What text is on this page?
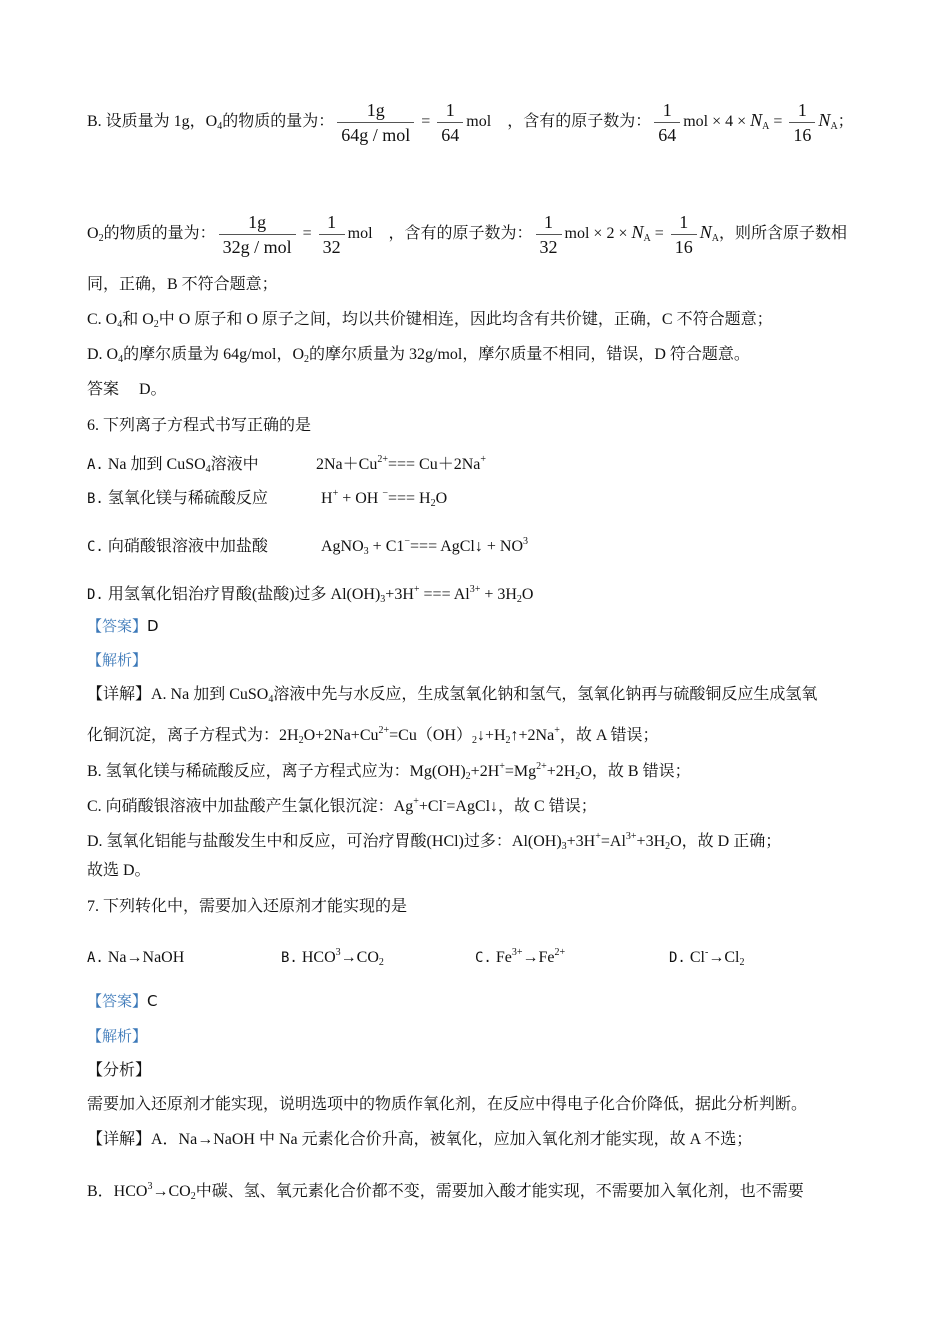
B. 设质量为 1g，$O_4$的物质的量为： $\frac{1g}{\text{64g / mol}} = \frac{1}{64}$ mol　，含有的原子数为： $\frac{1}{64}$ mol × $4 \times N_A = \frac{1}{16} N_A$；
$O_2$的物质的量为： $\frac{1g}{\text{32g / mol}} = \frac{1}{32}$ mol　，含有的原子数为： $\frac{1}{32}$ mol × $2 \times N_A = \frac{1}{16} N_A$，则所含原子数相
同，正确，B 不符合题意；
C. $O_4$和 $O_2$中 O 原子和 O 原子之间，均以共价键相连，因此均含有共价键，正确，C 不符合题意；
D. $O_4$的摩尔质量为 64g/mol，$O_2$的摩尔质量为 32g/mol，摩尔质量不相同，错误，D 符合题意。
答案　 D。
6. 下列离子方程式书写正确的是
A. Na 加到 CuSO$_4$溶液中	$2Na+Cu^{2+}=== Cu+2Na^+$
B. 氢氧化镁与稀硫酸反应	H+ + OH $^-=== H_2O$
C. 向硝酸银溶液中加盐酸	AgNO$_3$ + C1−=== AgCl↓ + $NO^3$
D. 用氢氧化铝治疗胃酸(盐酸)过多 $Al(OH)_3+3H^+$ === $Al^{3+} + 3H_2O$
【答案】D
【解析】
【详解】A. Na 加到 CuSO$_4$溶液中先与水反应，生成氢氧化钠和氢气，氢氧化钠再与硫酸铜反应生成氢氧
化铜沉淀，离子方程式为：$2H_2O+2Na+Cu^{2+}=Cu(OH)_2↓+H_2↑+2Na^+$，故 A 错误；
B. 氢氧化镁与稀硫酸反应，离子方程式应为：$Mg(OH)_2+2H^+=Mg^{2+}+2H_2O$，故 B 错误；
C. 向硝酸银溶液中加盐酸产生氯化银沉淀：Ag++Cl-=AgCl↓，故 C 错误；
D. 氢氧化铝能与盐酸发生中和反应，可治疗胃酸(HCl)过多：$Al(OH)_3+3H^+=Al^{3+}+3H_2O$，故 D 正确；
故选 D。
7. 下列转化中，需要加入还原剂才能实现的是
A. Na→NaOH	B. $HCO^3\to CO_2$	C. $Fe^{3+}\to Fe^{2+}$	D. $Cl^-\to Cl_2$
【答案】C
【解析】
【分析】
需要加入还原剂才能实现，说明选项中的物质作氧化剂，在反应中得电子化合价降低，据此分析判断。
【详解】A．Na→NaOH 中 Na 元素化合价升高，被氧化，应加入氧化剂才能实现，故 A 不选；
B．$HCO^3\to CO_2$中碳、氢、氧元素化合价都不变，需要加入酸才能实现，不需要加入氧化剂，也不需要
